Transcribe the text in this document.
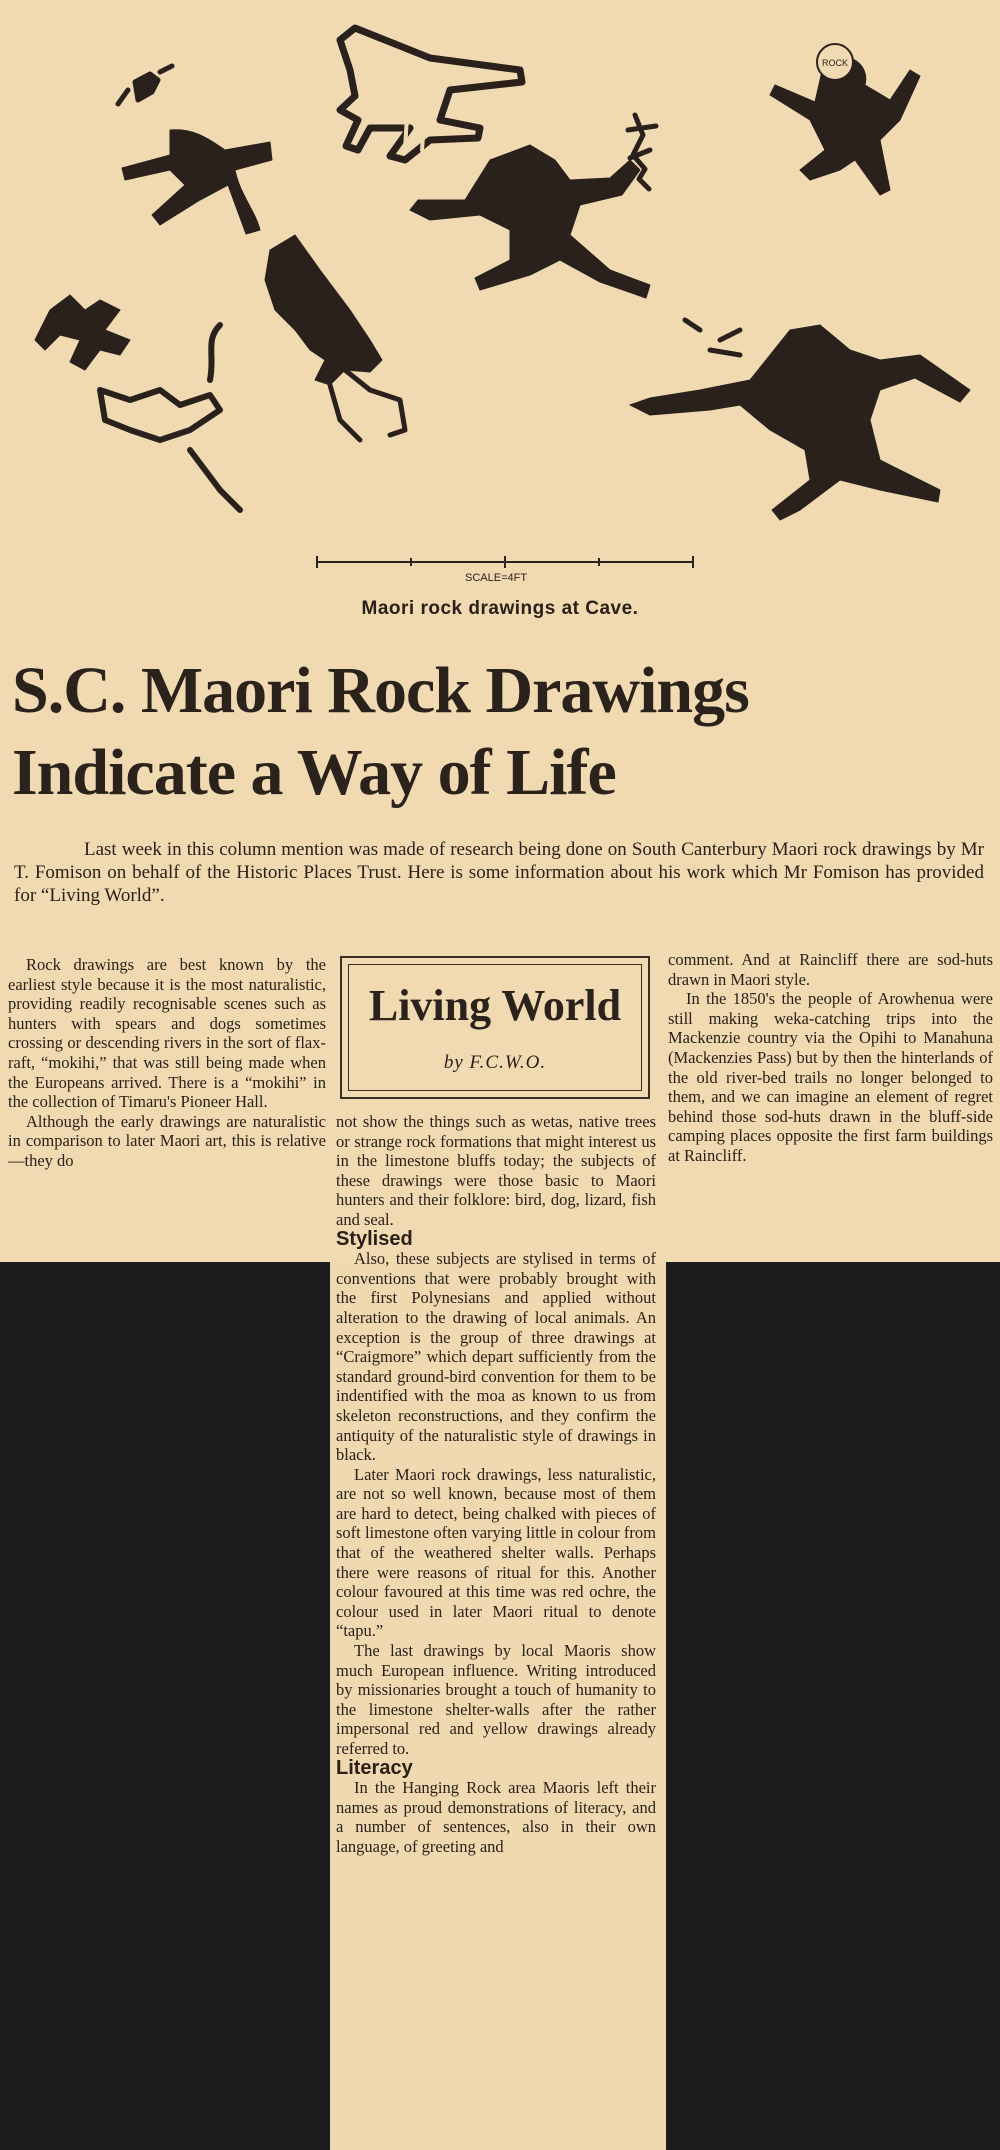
ROCK
SCALE=4FT
Maori rock drawings at Cave.
S.C. Maori Rock Drawings
Indicate a Way of Life
Last week in this column mention was made of research being done on South Canterbury Maori rock drawings by Mr T. Fomison on behalf of the Historic Places Trust. Here is some information about his work which Mr Fomison has provided for “Living World”.

Rock drawings are best known by the earliest style because it is the most naturalistic, providing readily recognisable scenes such as hunters with spears and dogs sometimes crossing or descending rivers in the sort of flax-raft, “mokihi,” that was still being made when the Europeans arrived. There is a “mokihi” in the collection of Timaru's Pioneer Hall.

Although the early drawings are naturalistic in comparison to later Maori art, this is relative—they do

Living World
by F.C.W.O.

not show the things such as wetas, native trees or strange rock formations that might interest us in the limestone bluffs today; the subjects of these drawings were those basic to Maori hunters and their folklore: bird, dog, lizard, fish and seal.

Stylised

Also, these subjects are stylised in terms of conventions that were probably brought with the first Polynesians and applied without alteration to the drawing of local animals. An exception is the group of three drawings at “Craigmore” which depart sufficiently from the standard ground-bird convention for them to be indentified with the moa as known to us from skeleton reconstructions, and they confirm the antiquity of the naturalistic style of drawings in black.

Later Maori rock drawings, less naturalistic, are not so well known, because most of them are hard to detect, being chalked with pieces of soft limestone often varying little in colour from that of the weathered shelter walls. Perhaps there were reasons of ritual for this. Another colour favoured at this time was red ochre, the colour used in later Maori ritual to denote “tapu.”

The last drawings by local Maoris show much European influence. Writing introduced by missionaries brought a touch of humanity to the limestone shelter-walls after the rather impersonal red and yellow drawings already referred to.

Literacy

In the Hanging Rock area Maoris left their names as proud demonstrations of literacy, and a number of sentences, also in their own language, of greeting and

comment. And at Raincliff there are sod-huts drawn in Maori style.

In the 1850's the people of Arowhenua were still making weka-catching trips into the Mackenzie country via the Opihi to Manahuna (Mackenzies Pass) but by then the hinterlands of the old river-bed trails no longer belonged to them, and we can imagine an element of regret behind those sod-huts drawn in the bluff-side camping places opposite the first farm buildings at Raincliff.
